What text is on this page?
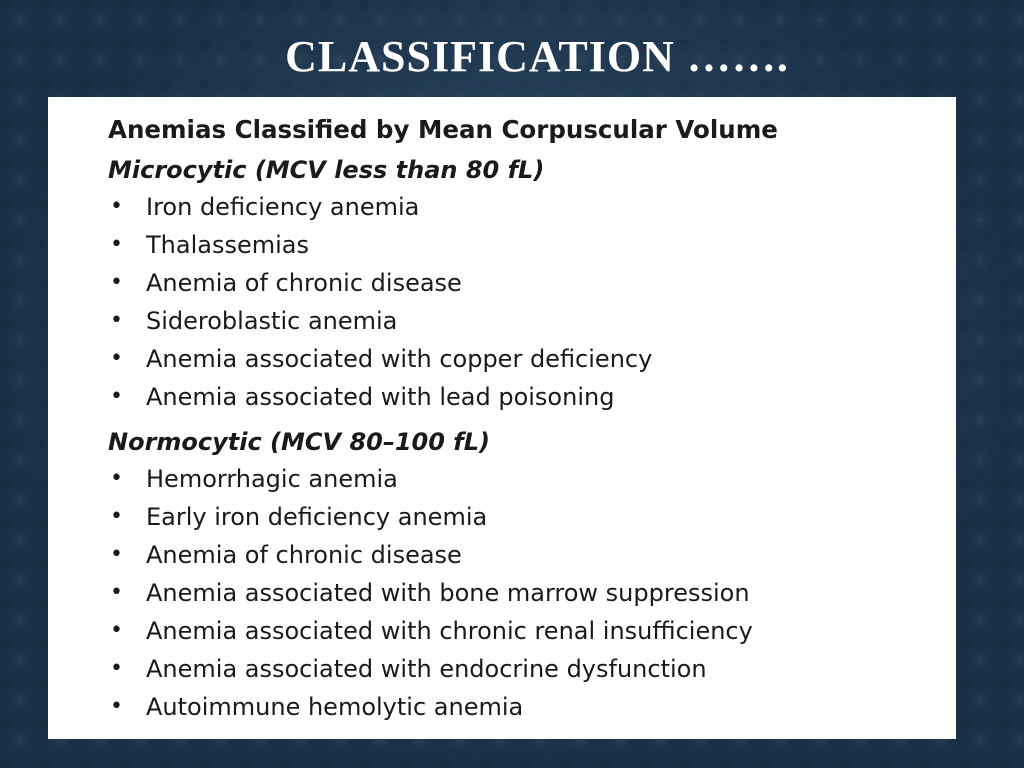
CLASSIFICATION …….
Anemias Classified by Mean Corpuscular Volume
Microcytic (MCV less than 80 fL)
• Iron deficiency anemia
• Thalassemias
• Anemia of chronic disease
• Sideroblastic anemia
• Anemia associated with copper deficiency
• Anemia associated with lead poisoning
Normocytic (MCV 80–100 fL)
• Hemorrhagic anemia
• Early iron deficiency anemia
• Anemia of chronic disease
• Anemia associated with bone marrow suppression
• Anemia associated with chronic renal insufficiency
• Anemia associated with endocrine dysfunction
• Autoimmune hemolytic anemia
